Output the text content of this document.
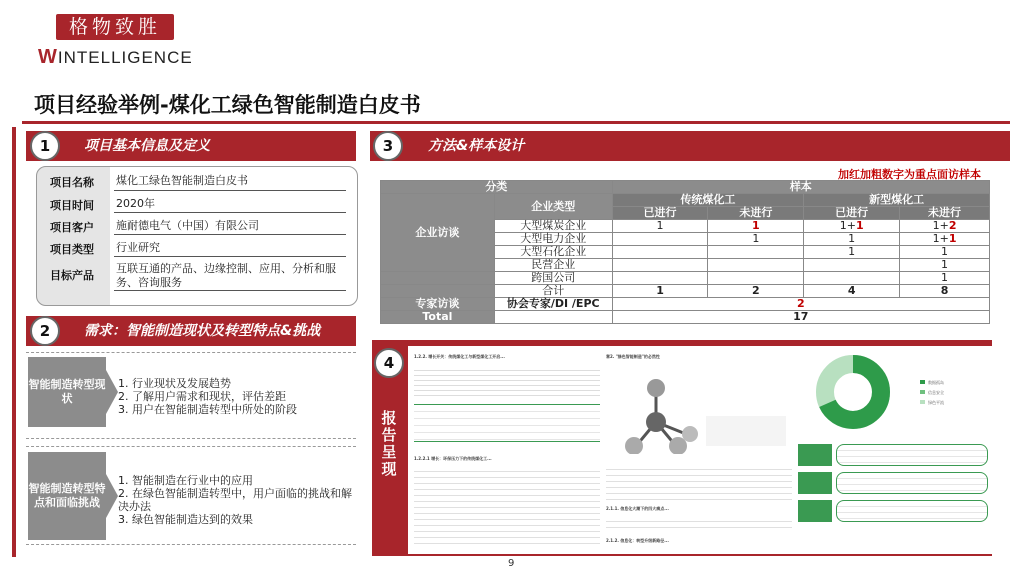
格物致胜
WINTELLIGENCE
项目经验举例-煤化工绿色智能制造白皮书
项目基本信息及定义
1
项目名称 煤化工绿色智能制造白皮书
项目时间 2020年
项目客户 施耐德电气（中国）有限公司
项目类型 行业研究
目标产品
互联互通的产品、边缘控制、应用、分析和服务、咨询服务
需求：智能制造现状及转型特点&挑战
2
智能制造转型现状
1. 行业现状及发展趋势
2. 了解用户需求和现状，评估差距
3. 用户在智能制造转型中所处的阶段
智能制造转型特点和面临挑战
1. 智能制造在行业中的应用
2. 在绿色智能制造转型中，用户面临的挑战和解决办法
3. 绿色智能制造达到的效果
方法&样本设计
3
加红加粗数字为重点面访样本
分类		样本			
企业访谈	企业类型	传统煤化工		新型煤化工	
		已进行	未进行	已进行	未进行
	大型煤炭企业	1	1	1+1	1+2
	大型电力企业		1	1	1+1
	大型石化企业			1	1
	民营企业				1
	跨国公司				1
	合计	1	2	4	8
专家访谈	协会专家/DI /EPC	2			
Total		17			
4
报告呈现
1.2.2. 增长开关：传统煤化工与新型煤化工开启...
1.2.2.1 增长：环保压力下的传统煤化工...
章2. "绿色智能制造"的必然性
2.1.1. 信息化大潮下的四大痛点...
2.1.2. 信息化：转型升级新路径...
数据孤岛
信息安全
绿色平流
9
